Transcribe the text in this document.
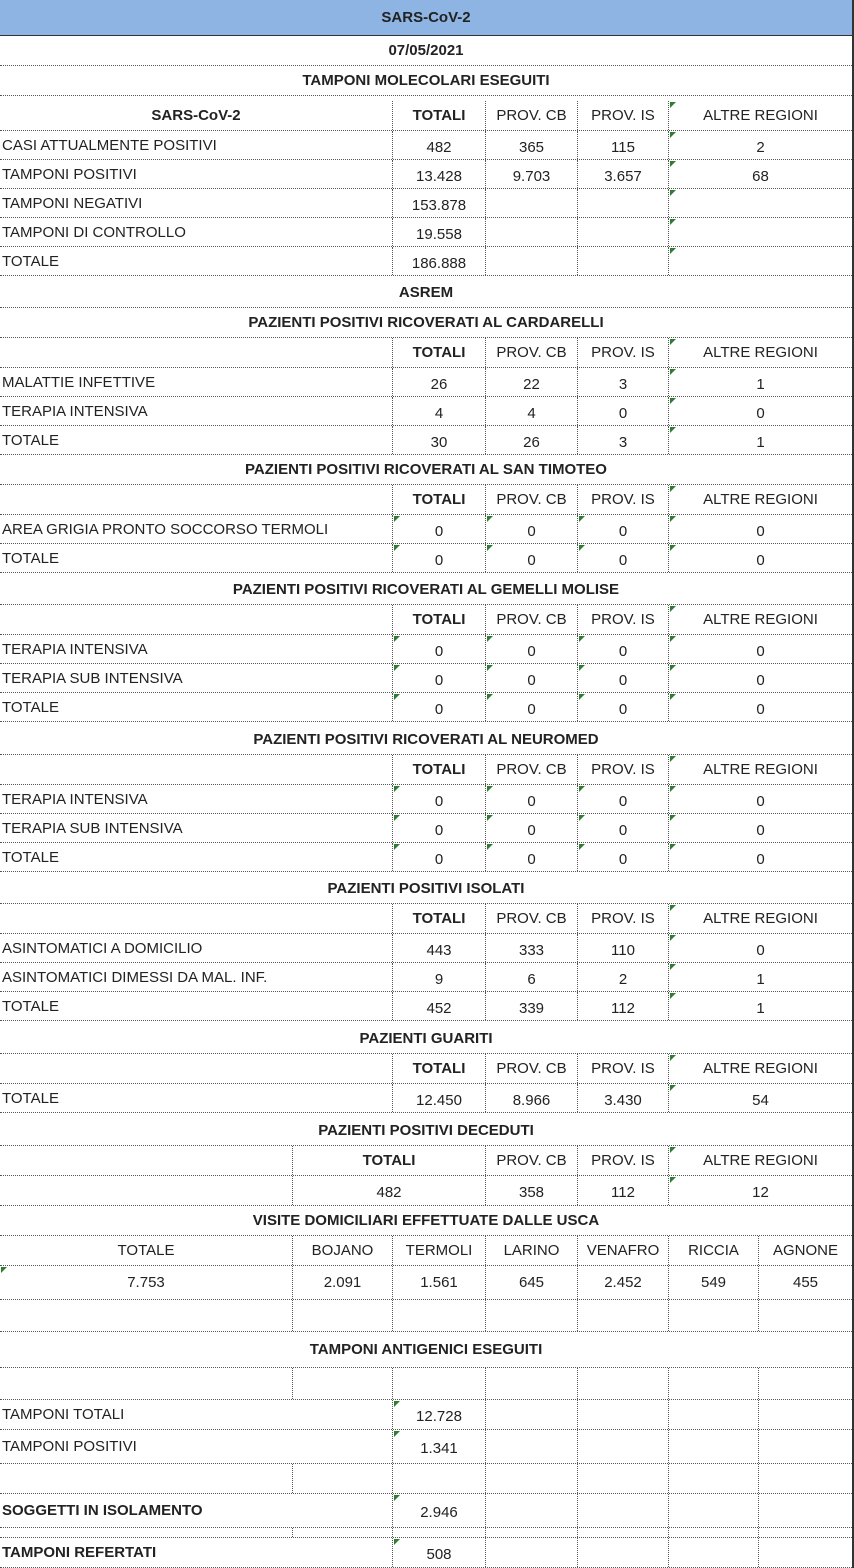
SARS-CoV-2
07/05/2021
TAMPONI MOLECOLARI ESEGUITI
SARS-CoV-2	TOTALI	PROV. CB	PROV. IS	ALTRE REGIONI
CASI ATTUALMENTE POSITIVI	482	365	115	2
TAMPONI POSITIVI	13.428	9.703	3.657	68
TAMPONI NEGATIVI	153.878
TAMPONI DI CONTROLLO	19.558
TOTALE	186.888
ASREM
PAZIENTI POSITIVI RICOVERATI AL CARDARELLI
TOTALI	PROV. CB	PROV. IS	ALTRE REGIONI
MALATTIE INFETTIVE	26	22	3	1
TERAPIA INTENSIVA	4	4	0	0
TOTALE	30	26	3	1
PAZIENTI POSITIVI RICOVERATI AL SAN TIMOTEO
TOTALI	PROV. CB	PROV. IS	ALTRE REGIONI
AREA GRIGIA PRONTO SOCCORSO TERMOLI	0	0	0	0
TOTALE	0	0	0	0
PAZIENTI POSITIVI RICOVERATI AL GEMELLI MOLISE
TOTALI	PROV. CB	PROV. IS	ALTRE REGIONI
TERAPIA INTENSIVA	0	0	0	0
TERAPIA SUB INTENSIVA	0	0	0	0
TOTALE	0	0	0	0
PAZIENTI POSITIVI RICOVERATI AL NEUROMED
TOTALI	PROV. CB	PROV. IS	ALTRE REGIONI
TERAPIA INTENSIVA	0	0	0	0
TERAPIA SUB INTENSIVA	0	0	0	0
TOTALE	0	0	0	0
PAZIENTI POSITIVI ISOLATI
TOTALI	PROV. CB	PROV. IS	ALTRE REGIONI
ASINTOMATICI A DOMICILIO	443	333	110	0
ASINTOMATICI DIMESSI DA MAL. INF.	9	6	2	1
TOTALE	452	339	112	1
PAZIENTI GUARITI
TOTALI	PROV. CB	PROV. IS	ALTRE REGIONI
TOTALE	12.450	8.966	3.430	54
PAZIENTI POSITIVI DECEDUTI
TOTALI	PROV. CB	PROV. IS	ALTRE REGIONI
482	358	112	12
VISITE DOMICILIARI EFFETTUATE DALLE USCA
TOTALE	BOJANO	TERMOLI	LARINO	VENAFRO	RICCIA	AGNONE
7.753	2.091	1.561	645	2.452	549	455
TAMPONI ANTIGENICI ESEGUITI
TAMPONI TOTALI	12.728
TAMPONI POSITIVI	1.341
SOGGETTI IN ISOLAMENTO	2.946
TAMPONI REFERTATI	508
